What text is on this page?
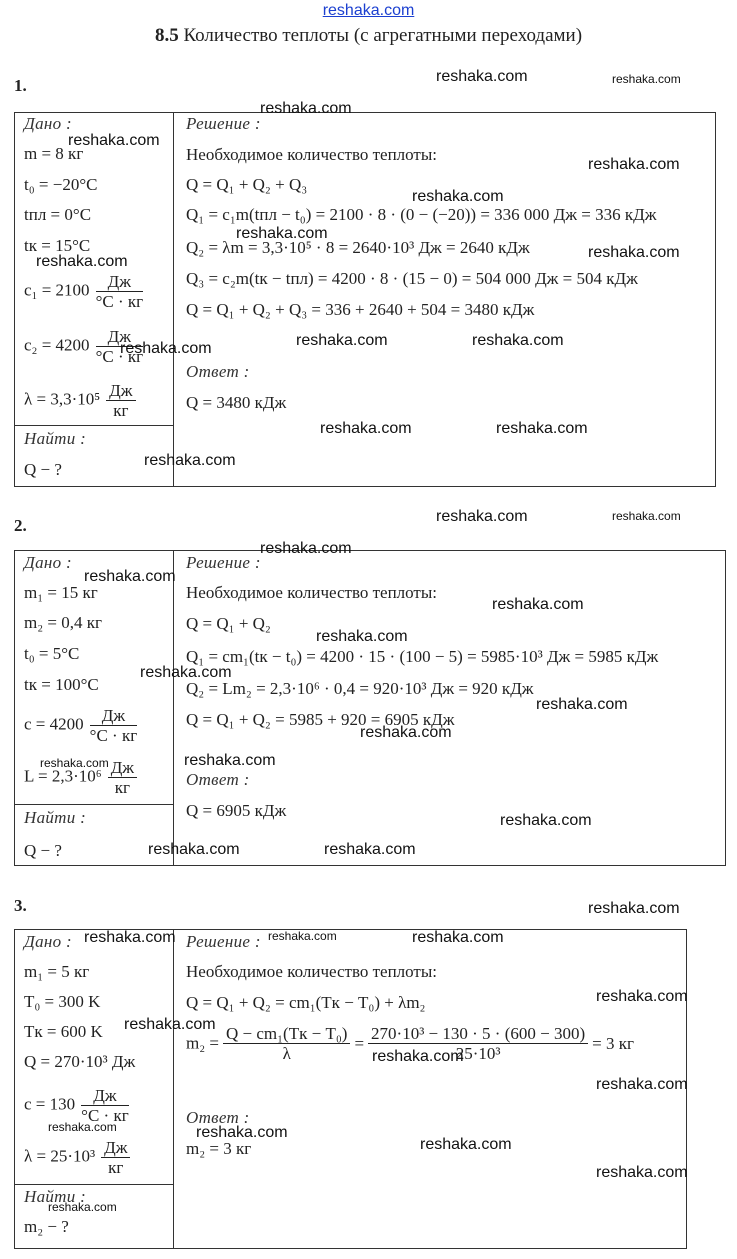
reshaka.com
8.5 Количество теплоты (с агрегатными переходами)
1.
Дано :
m = 8 кг
t₀ = −20°C
tпл = 0°C
tк = 15°C
$c_1 = 2100 \frac{Дж}{^\circ C \cdot кг}$
$c_2 = 4200 \frac{Дж}{^\circ C \cdot кг}$
$\lambda = 3,3\cdot 10^5 \frac{Дж}{кг}$
Найти :
Q − ?
Решение :
Необходимое количество теплоты:
Q = Q₁ + Q₂ + Q₃
Q₁ = c₁m(tпл − t₀) = 2100 · 8 · (0 − (−20)) = 336 000 Дж = 336 кДж
Q₂ = λm = 3,3·10⁵ · 8 = 2640·10³ Дж = 2640 кДж
Q₃ = c₂m(tк − tпл) = 4200 · 8 · (15 − 0) = 504 000 Дж = 504 кДж
Q = Q₁ + Q₂ + Q₃ = 336 + 2640 + 504 = 3480 кДж
Ответ :
Q = 3480 кДж
2.
Дано :
m₁ = 15 кг
m₂ = 0,4 кг
t₀ = 5°C
tк = 100°C
$c = 4200 \frac{Дж}{^\circ C \cdot кг}$
$L = 2,3\cdot 10^6 \frac{Дж}{кг}$
Найти :
Q − ?
Решение :
Необходимое количество теплоты:
Q = Q₁ + Q₂
Q₁ = cm₁(tк − t₀) = 4200 · 15 · (100 − 5) = 5985·10³ Дж = 5985 кДж
Q₂ = Lm₂ = 2,3·10⁶ · 0,4 = 920·10³ Дж = 920 кДж
Q = Q₁ + Q₂ = 5985 + 920 = 6905 кДж
Ответ :
Q = 6905 кДж
3.
Дано :
m₁ = 5 кг
T₀ = 300 K
Tк = 600 K
Q = 270·10³ Дж
$c = 130 \frac{Дж}{^\circ C \cdot кг}$
$\lambda = 25\cdot 10^3 \frac{Дж}{кг}$
Найти :
m₂ − ?
Решение :
Необходимое количество теплоты:
Q = Q₁ + Q₂ = cm₁(Tк − T₀) + λm₂
$m_2 = \frac{\text{Q − cm₁(Tк − T₀)}}{\lambda} = \frac{\text{270·10³ − 130 · 5 · (600 − 300)}}{\text{25·10³}} = 3$ кг
Ответ :
m₂ = 3 кг
reshaka.com	reshaka.com
reshaka.com
reshaka.com
reshaka.com
reshaka.com
reshaka.com
reshaka.com
reshaka.com
reshaka.com	reshaka.com
reshaka.com
reshaka.com	reshaka.com
reshaka.com
reshaka.com	reshaka.com
reshaka.com
reshaka.com
reshaka.com
reshaka.com
reshaka.com
reshaka.com
reshaka.com
reshaka.com
reshaka.com
reshaka.com
reshaka.com	reshaka.com
reshaka.com
reshaka.com	reshaka.com	reshaka.com
reshaka.com
reshaka.com
reshaka.com
reshaka.com
reshaka.com	reshaka.com
reshaka.com
reshaka.com
reshaka.com
